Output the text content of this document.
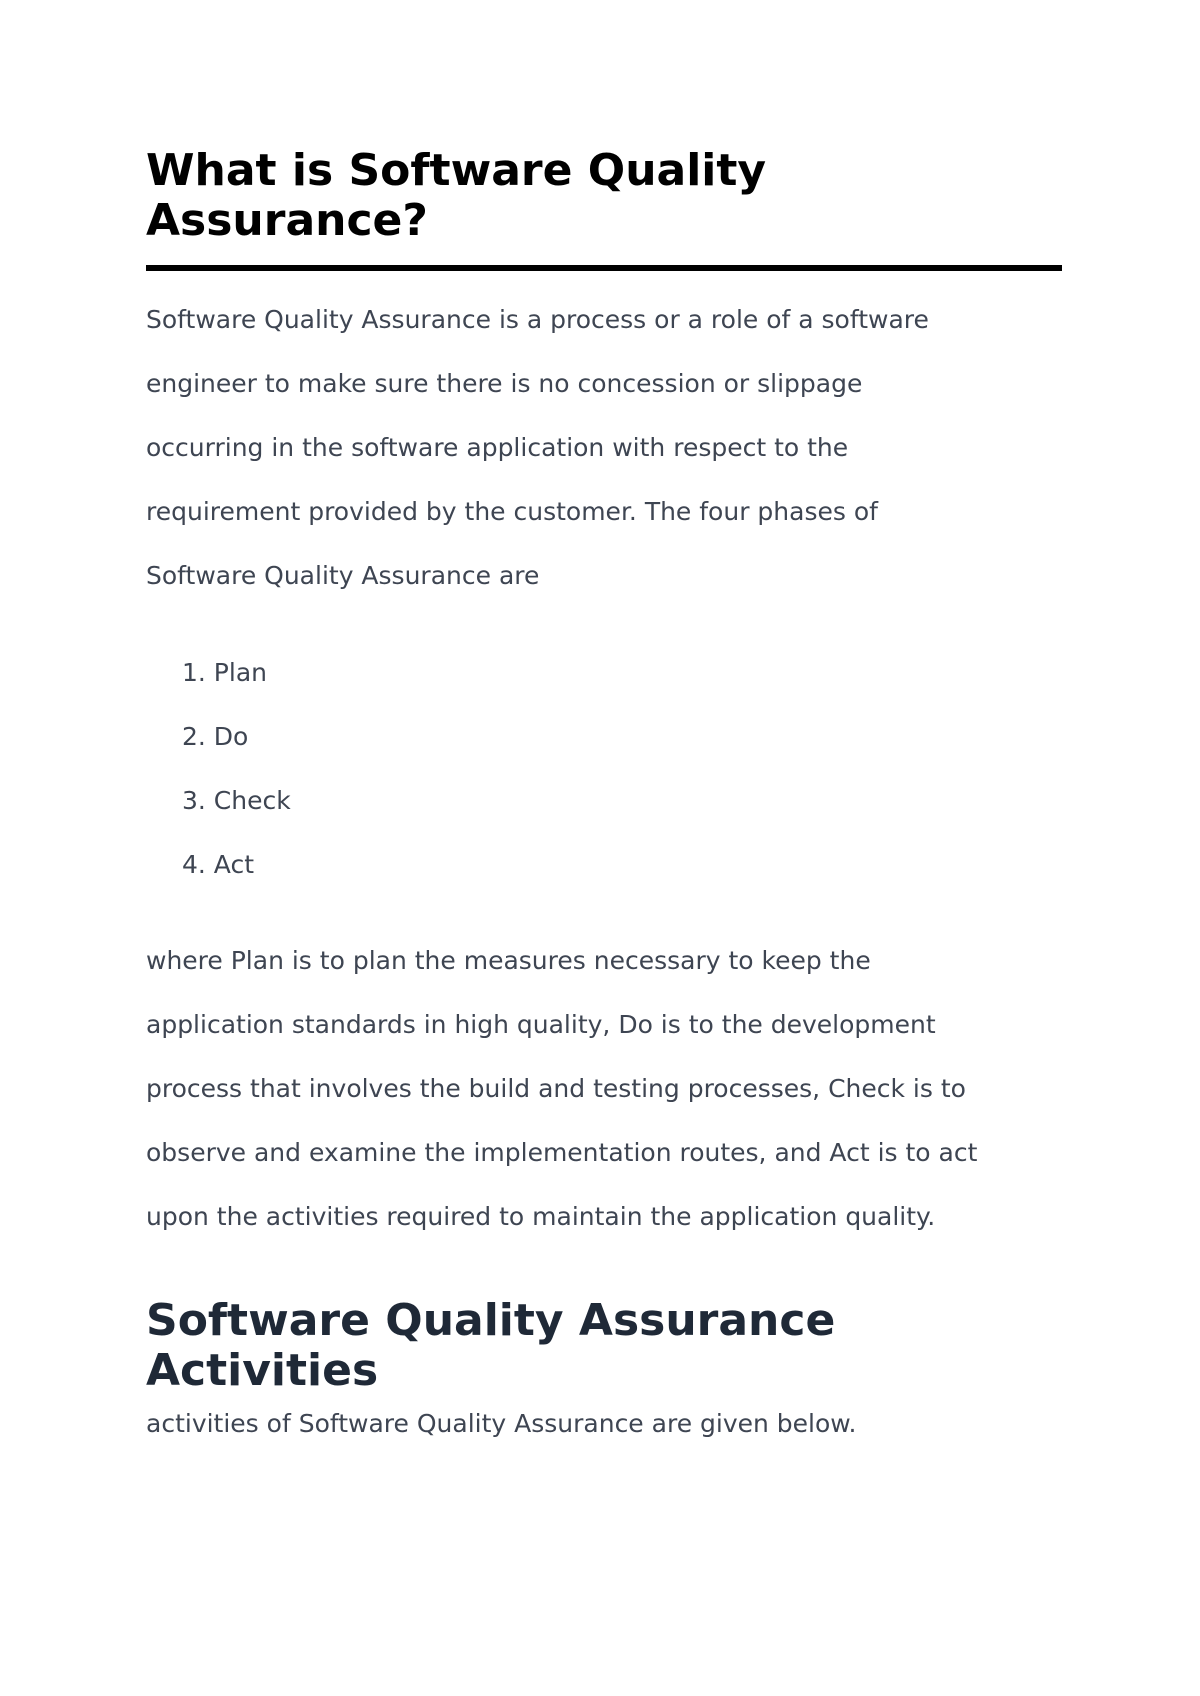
What is Software Quality
Assurance?

Software Quality Assurance is a process or a role of a software
engineer to make sure there is no concession or slippage
occurring in the software application with respect to the
requirement provided by the customer. The four phases of
Software Quality Assurance are

1. Plan
2. Do
3. Check
4. Act

where Plan is to plan the measures necessary to keep the
application standards in high quality, Do is to the development
process that involves the build and testing processes, Check is to
observe and examine the implementation routes, and Act is to act
upon the activities required to maintain the application quality.

Software Quality Assurance
Activities

activities of Software Quality Assurance are given below.
